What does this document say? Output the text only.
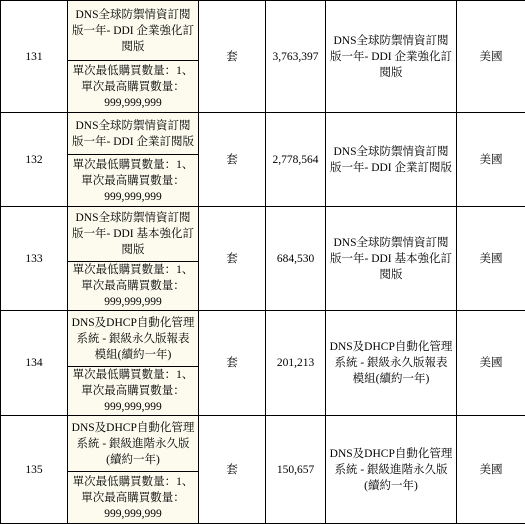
131	DNS全球防禦情資訂閱版一年- DDI 企業強化訂閱版	套	3,763,397	DNS全球防禦情資訂閱版一年- DDI 企業強化訂閱版	美國
	單次最低購買數量：1、單次最高購買數量：999,999,999				
132	DNS全球防禦情資訂閱版一年- DDI 企業訂閱版	套	2,778,564	DNS全球防禦情資訂閱版一年- DDI 企業訂閱版	美國
	單次最低購買數量：1、單次最高購買數量：999,999,999				
133	DNS全球防禦情資訂閱版一年- DDI 基本強化訂閱版	套	684,530	DNS全球防禦情資訂閱版一年- DDI 基本強化訂閱版	美國
	單次最低購買數量：1、單次最高購買數量：999,999,999				
134	DNS及DHCP自動化管理系統 - 銀級永久版報表模組(續約一年)	套	201,213	DNS及DHCP自動化管理系統 - 銀級永久版報表模組(續約一年)	美國
	單次最低購買數量：1、單次最高購買數量：999,999,999				
135	DNS及DHCP自動化管理系統 - 銀級進階永久版(續約一年)	套	150,657	DNS及DHCP自動化管理系統 - 銀級進階永久版(續約一年)	美國
	單次最低購買數量：1、單次最高購買數量：999,999,999				
